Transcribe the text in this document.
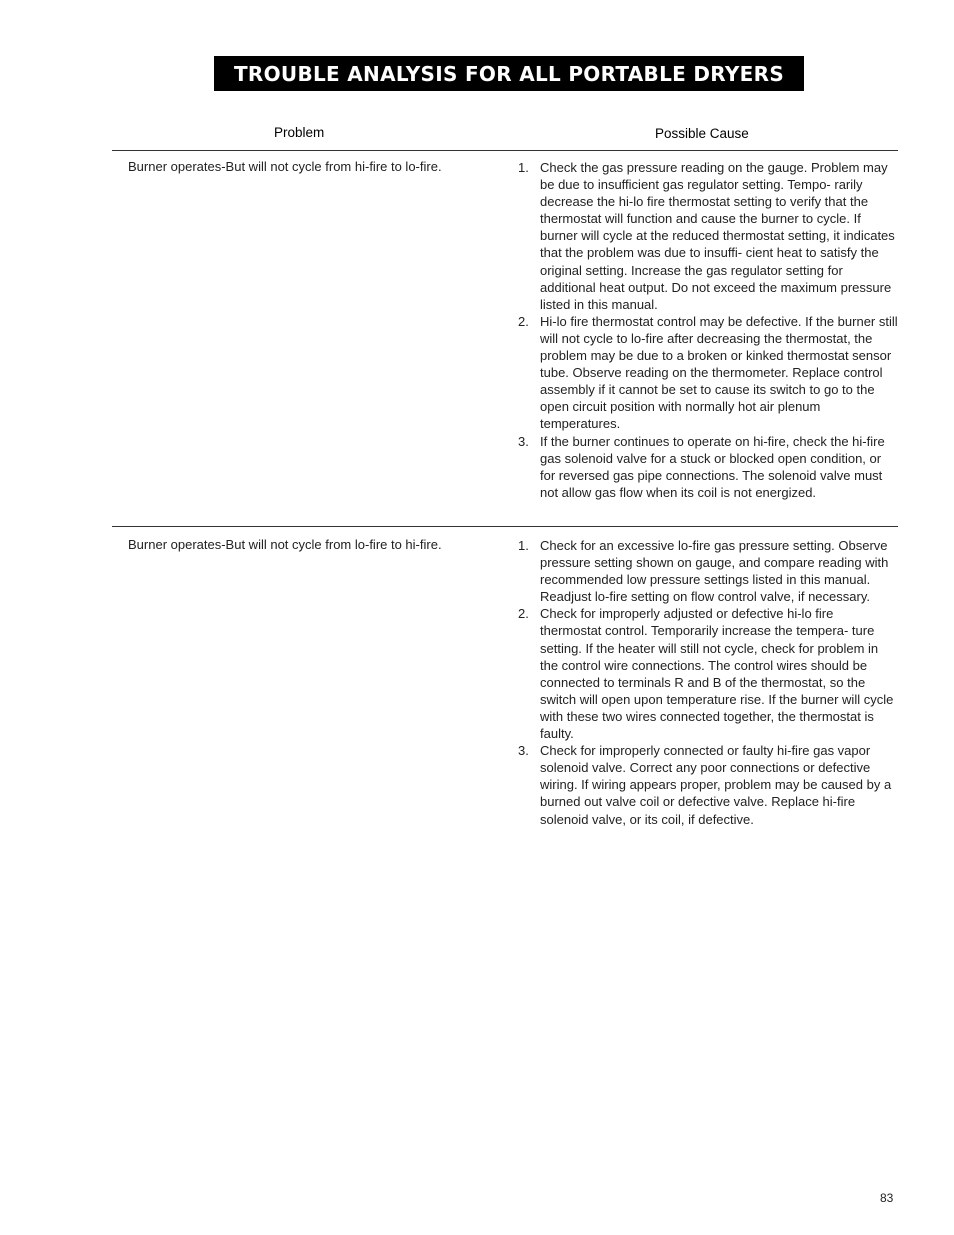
TROUBLE ANALYSIS FOR ALL PORTABLE DRYERS
Problem	Possible Cause
Burner operates-But will not cycle from hi-fire to lo-fire.	1. Check the gas pressure reading on the gauge. Problem may be due to insufficient gas regulator setting. Tempo- rarily decrease the hi-lo fire thermostat setting to verify that the thermostat will function and cause the burner to cycle. If burner will cycle at the reduced thermostat setting, it indicates that the problem was due to insuffi- cient heat to satisfy the original setting. Increase the gas regulator setting for additional heat output. Do not exceed the maximum pressure listed in this manual.
2. Hi-lo fire thermostat control may be defective. If the burner still will not cycle to lo-fire after decreasing the thermostat, the problem may be due to a broken or kinked thermostat sensor tube. Observe reading on the thermometer. Replace control assembly if it cannot be set to cause its switch to go to the open circuit position with normally hot air plenum temperatures.
3. If the burner continues to operate on hi-fire, check the hi-fire gas solenoid valve for a stuck or blocked open condition, or for reversed gas pipe connections. The solenoid valve must not allow gas flow when its coil is not energized.
Burner operates-But will not cycle from lo-fire to hi-fire.	1. Check for an excessive lo-fire gas pressure setting. Observe pressure setting shown on gauge, and compare reading with recommended low pressure settings listed in this manual. Readjust lo-fire setting on flow control valve, if necessary.
2. Check for improperly adjusted or defective hi-lo fire thermostat control. Temporarily increase the tempera- ture setting. If the heater will still not cycle, check for problem in the control wire connections. The control wires should be connected to terminals R and B of the thermostat, so the switch will open upon temperature rise. If the burner will cycle with these two wires connected together, the thermostat is faulty.
3. Check for improperly connected or faulty hi-fire gas vapor solenoid valve. Correct any poor connections or defective wiring. If wiring appears proper, problem may be caused by a burned out valve coil or defective valve. Replace hi-fire solenoid valve, or its coil, if defective.
83
